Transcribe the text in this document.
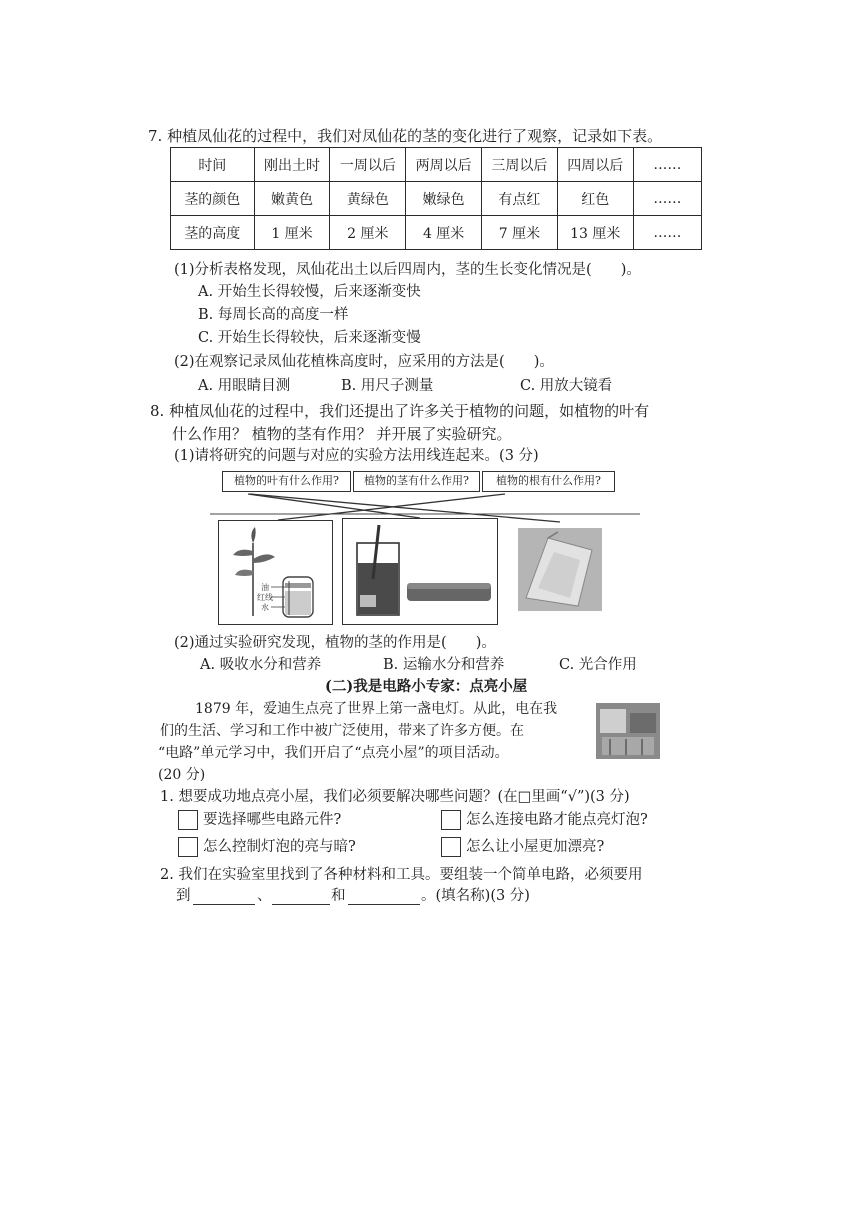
7. 种植凤仙花的过程中，我们对凤仙花的茎的变化进行了观察，记录如下表。
时间	刚出土时	一周以后	两周以后	三周以后	四周以后	……
茎的颜色	嫩黄色	黄绿色	嫩绿色	有点红	红色	……
茎的高度	1 厘米	2 厘米	4 厘米	7 厘米	13 厘米	……
(1)分析表格发现，凤仙花出土以后四周内，茎的生长变化情况是(　　)。
A. 开始生长得较慢，后来逐渐变快
B. 每周长高的高度一样
C. 开始生长得较快，后来逐渐变慢
(2)在观察记录凤仙花植株高度时，应采用的方法是(　　)。
A. 用眼睛目测	B. 用尺子测量	C. 用放大镜看
8. 种植凤仙花的过程中，我们还提出了许多关于植物的问题，如植物的叶有
什么作用？ 植物的茎有作用？ 并开展了实验研究。
(1)请将研究的问题与对应的实验方法用线连起来。(3 分)
植物的叶有什么作用?	植物的茎有什么作用?	植物的根有什么作用?
油
红线
水
(2)通过实验研究发现，植物的茎的作用是(　　)。
A. 吸收水分和营养	B. 运输水分和营养	C. 光合作用
(二)我是电路小专家：点亮小屋
1879 年，爱迪生点亮了世界上第一盏电灯。从此，电在我
们的生活、学习和工作中被广泛使用，带来了许多方便。在
“电路”单元学习中，我们开启了“点亮小屋”的项目活动。
(20 分)
1. 想要成功地点亮小屋，我们必须要解决哪些问题？(在□里画“√”)(3 分)
要选择哪些电路元件?	怎么连接电路才能点亮灯泡?
怎么控制灯泡的亮与暗?	怎么让小屋更加漂亮?
2. 我们在实验室里找到了各种材料和工具。要组装一个简单电路，必须要用
到	、	和	。(填名称)(3 分)
